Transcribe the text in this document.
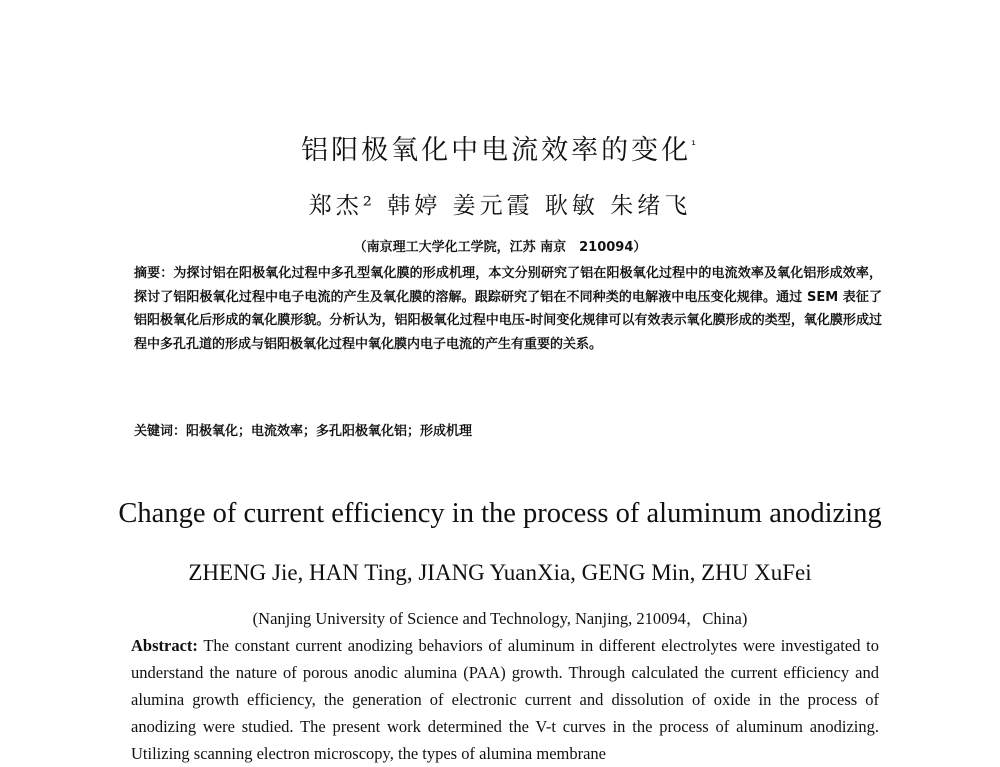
铝阳极氧化中电流效率的变化$^{^1}$
郑杰² 韩婷 姜元霞 耿敏 朱绪飞
（南京理工大学化工学院，江苏 南京　210094）
摘要：为探讨铝在阳极氧化过程中多孔型氧化膜的形成机理，本文分别研究了铝在阳极氧化过程中的电流效率及氧化铝形成效率，探讨了铝阳极氧化过程中电子电流的产生及氧化膜的溶解。跟踪研究了铝在不同种类的电解液中电压变化规律。通过 SEM 表征了铝阳极氧化后形成的氧化膜形貌。分析认为，铝阳极氧化过程中电压-时间变化规律可以有效表示氧化膜形成的类型，氧化膜形成过程中多孔孔道的形成与铝阳极氧化过程中氧化膜内电子电流的产生有重要的关系。
关键词：阳极氧化；电流效率；多孔阳极氧化铝；形成机理
Change of current efficiency in the process of aluminum anodizing
ZHENG Jie, HAN Ting, JIANG YuanXia, GENG Min, ZHU XuFei
(Nanjing University of Science and Technology, Nanjing, 210094，China)
Abstract: The constant current anodizing behaviors of aluminum in different electrolytes were investigated to understand the nature of porous anodic alumina (PAA) growth. Through calculated the current efficiency and alumina growth efficiency, the generation of electronic current and dissolution of oxide in the process of anodizing were studied. The present work determined the V-t curves in the process of aluminum anodizing. Utilizing scanning electron microscopy, the types of alumina membrane
